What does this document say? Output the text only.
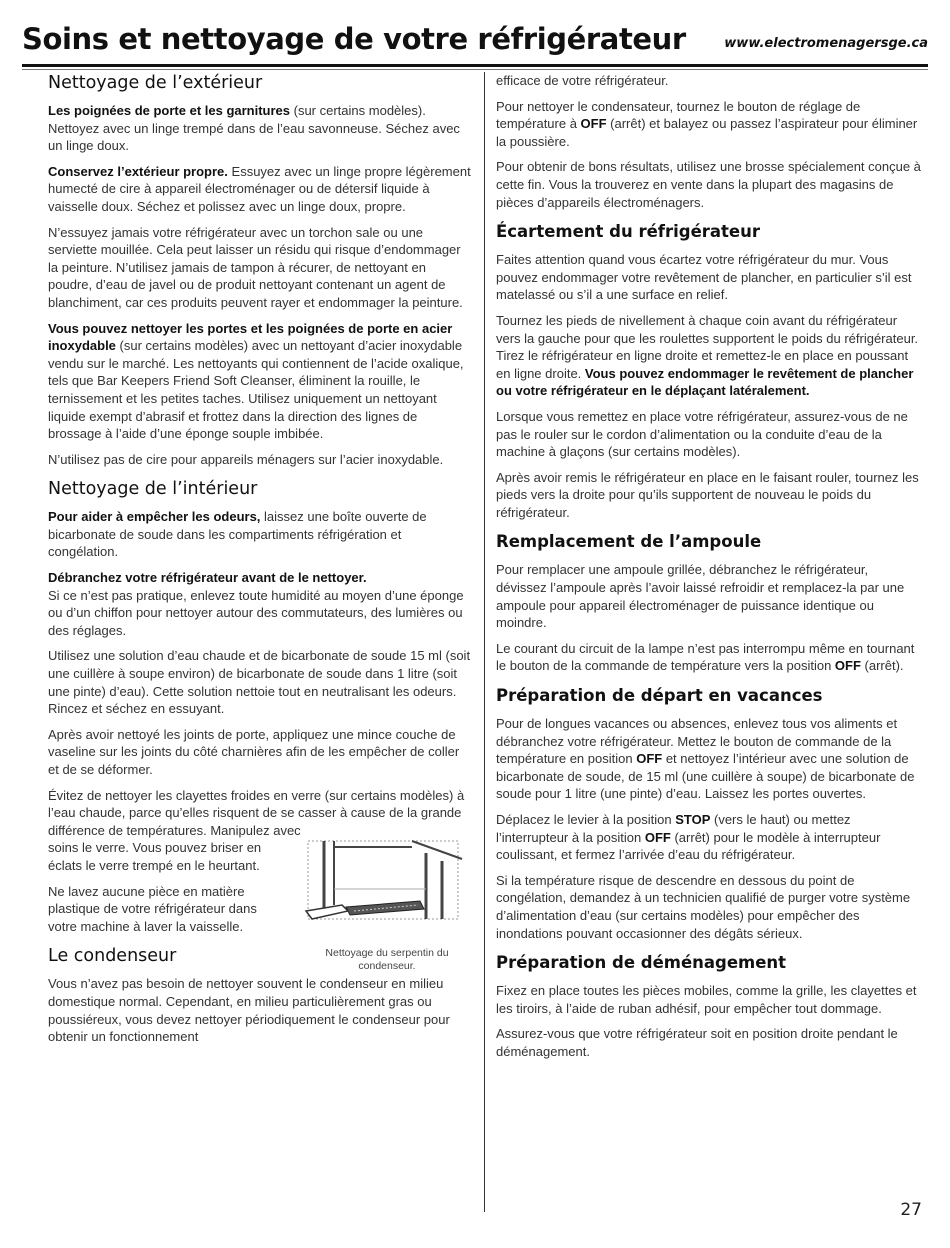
Soins et nettoyage de votre réfrigérateur	www.electromenagersge.ca
Nettoyage de l’extérieur

Les poignées de porte et les garnitures (sur certains modèles). Nettoyez avec un linge trempé dans de l’eau savonneuse. Séchez avec un linge doux.

Conservez l’extérieur propre. Essuyez avec un linge propre légèrement humecté de cire à appareil électroménager ou de détersif liquide à vaisselle doux. Séchez et polissez avec un linge doux, propre.

N’essuyez jamais votre réfrigérateur avec un torchon sale ou une serviette mouillée. Cela peut laisser un résidu qui risque d’endommager la peinture. N’utilisez jamais de tampon à récurer, de nettoyant en poudre, d’eau de javel ou de produit nettoyant contenant un agent de blanchiment, car ces produits peuvent rayer et endommager la peinture.

Vous pouvez nettoyer les portes et les poignées de porte en acier inoxydable (sur certains modèles) avec un nettoyant d’acier inoxydable vendu sur le marché. Les nettoyants qui contiennent de l’acide oxalique, tels que Bar Keepers Friend Soft Cleanser, éliminent la rouille, le ternissement et les petites taches. Utilisez uniquement un nettoyant liquide exempt d’abrasif et frottez dans la direction des lignes de brossage à l’aide d’une éponge souple imbibée.

N’utilisez pas de cire pour appareils ménagers sur l’acier inoxydable.

Nettoyage de l’intérieur

Pour aider à empêcher les odeurs, laissez une boîte ouverte de bicarbonate de soude dans les compartiments réfrigération et congélation.

Débranchez votre réfrigérateur avant de le nettoyer.
Si ce n’est pas pratique, enlevez toute humidité au moyen d’une éponge ou d’un chiffon pour nettoyer autour des commutateurs, des lumières ou des réglages.

Utilisez une solution d’eau chaude et de bicarbonate de soude 15 ml (soit une cuillère à soupe environ) de bicarbonate de soude dans 1 litre (soit une pinte) d’eau). Cette solution nettoie tout en neutralisant les odeurs. Rincez et séchez en essuyant.

Après avoir nettoyé les joints de porte, appliquez une mince couche de vaseline sur les joints du côté charnières afin de les empêcher de coller et de se déformer.

Évitez de nettoyer les clayettes froides en verre (sur certains modèles) à l’eau chaude, parce qu’elles risquent de se casser à cause de la grande différence de températures. Manipulez avec

Nettoyage du serpentin du condenseur.

soins le verre. Vous pouvez briser en éclats le verre trempé en le heurtant.

Ne lavez aucune pièce en matière plastique de votre réfrigérateur dans votre machine à laver la vaisselle.

Le condenseur

Vous n’avez pas besoin de nettoyer souvent le condenseur en milieu domestique normal. Cependant, en milieu particulièrement gras ou poussiéreux, vous devez nettoyer périodiquement le condenseur pour obtenir un fonctionnement

efficace de votre réfrigérateur.

Pour nettoyer le condensateur, tournez le bouton de réglage de température à OFF (arrêt) et balayez ou passez l’aspirateur pour éliminer la poussière.

Pour obtenir de bons résultats, utilisez une brosse spécialement conçue à cette fin. Vous la trouverez en vente dans la plupart des magasins de pièces d’appareils électroménagers.

Écartement du réfrigérateur

Faites attention quand vous écartez votre réfrigérateur du mur. Vous pouvez endommager votre revêtement de plancher, en particulier s’il est matelassé ou s’il a une surface en relief.

Tournez les pieds de nivellement à chaque coin avant du réfrigérateur vers la gauche pour que les roulettes supportent le poids du réfrigérateur. Tirez le réfrigérateur en ligne droite et remettez-le en place en poussant en ligne droite. Vous pouvez endommager le revêtement de plancher ou votre réfrigérateur en le déplaçant latéralement.

Lorsque vous remettez en place votre réfrigérateur, assurez-vous de ne pas le rouler sur le cordon d’alimentation ou la conduite d’eau de la machine à glaçons (sur certains modèles).

Après avoir remis le réfrigérateur en place en le faisant rouler, tournez les pieds vers la droite pour qu’ils supportent de nouveau le poids du réfrigérateur.

Remplacement de l’ampoule

Pour remplacer une ampoule grillée, débranchez le réfrigérateur, dévissez l’ampoule après l’avoir laissé refroidir et remplacez-la par une ampoule pour appareil électroménager de puissance identique ou moindre.

Le courant du circuit de la lampe n’est pas interrompu même en tournant le bouton de la commande de température vers la position OFF (arrêt).

Préparation de départ en vacances

Pour de longues vacances ou absences, enlevez tous vos aliments et débranchez votre réfrigérateur. Mettez le bouton de commande de la température en position OFF et nettoyez l’intérieur avec une solution de bicarbonate de soude, de 15 ml (une cuillère à soupe) de bicarbonate de soude pour 1 litre (une pinte) d’eau. Laissez les portes ouvertes.

Déplacez le levier à la position STOP (vers le haut) ou mettez l’interrupteur à la position OFF (arrêt) pour le modèle à interrupteur coulissant, et fermez l’arrivée d’eau du réfrigérateur.

Si la température risque de descendre en dessous du point de congélation, demandez à un technicien qualifié de purger votre système d’alimentation d’eau (sur certains modèles) pour empêcher des inondations pouvant occasionner des dégâts sérieux.

Préparation de déménagement

Fixez en place toutes les pièces mobiles, comme la grille, les clayettes et les tiroirs, à l’aide de ruban adhésif, pour empêcher tout dommage.

Assurez-vous que votre réfrigérateur soit en position droite pendant le déménagement.

27
